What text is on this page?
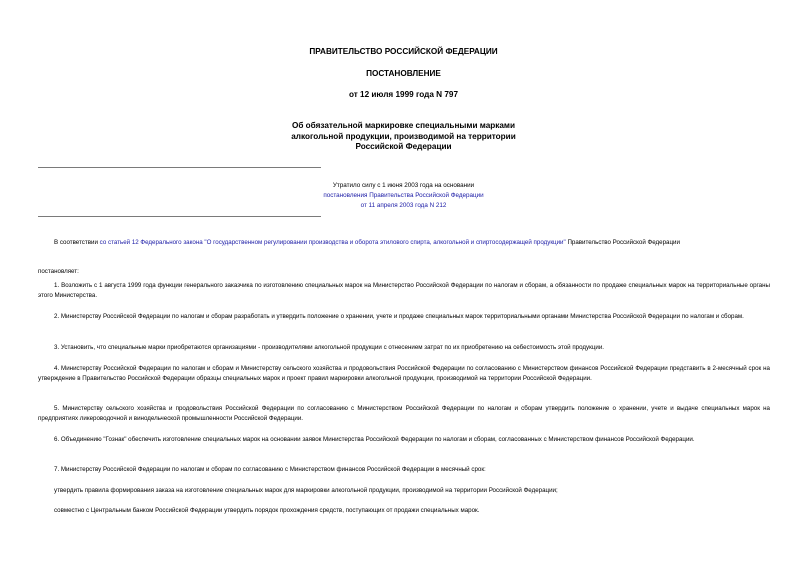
ПРАВИТЕЛЬСТВО РОССИЙСКОЙ ФЕДЕРАЦИИ
ПОСТАНОВЛЕНИЕ
от 12 июля 1999 года N 797
Об обязательной маркировке специальными марками
алкогольной продукции, производимой на территории
Российской Федерации
Утратило силу с 1 июня 2003 года на основании
постановления Правительства Российской Федерации
от 11 апреля 2003 года N 212
В соответствии со статьей 12 Федерального закона "О государственном регулировании производства и оборота этилового спирта, алкогольной и спиртосодержащей продукции" Правительство Российской Федерации
постановляет:
1. Возложить с 1 августа 1999 года функции генерального заказчика по изготовлению специальных марок на Министерство Российской Федерации по налогам и сборам, а обязанности по продаже специальных марок на территориальные органы этого Министерства.
2. Министерству Российской Федерации по налогам и сборам разработать и утвердить положение о хранении, учете и продаже специальных марок территориальными органами Министерства Российской Федерации по налогам и сборам.
3. Установить, что специальные марки приобретаются организациями - производителями алкогольной продукции с отнесением затрат по их приобретению на себестоимость этой продукции.
4. Министерству Российской Федерации по налогам и сборам и Министерству сельского хозяйства и продовольствия Российской Федерации по согласованию с Министерством финансов Российской Федерации представить в 2-месячный срок на утверждение в Правительство Российской Федерации образцы специальных марок и проект правил маркировки алкогольной продукции, производимой на территории Российской Федерации.
5. Министерству сельского хозяйства и продовольствия Российской Федерации по согласованию с Министерством Российской Федерации по налогам и сборам утвердить положение о хранении, учете и выдаче специальных марок на предприятиях ликероводочной и винодельческой промышленности Российской Федерации.
6. Объединению "Гознак" обеспечить изготовление специальных марок на основании заявок Министерства Российской Федерации по налогам и сборам, согласованных с Министерством финансов Российской Федерации.
7. Министерству Российской Федерации по налогам и сборам по согласованию с Министерством финансов Российской Федерации в месячный срок:
утвердить правила формирования заказа на изготовление специальных марок для маркировки алкогольной продукции, производимой на территории Российской Федерации;
совместно с Центральным банком Российской Федерации утвердить порядок прохождения средств, поступающих от продажи специальных марок.
